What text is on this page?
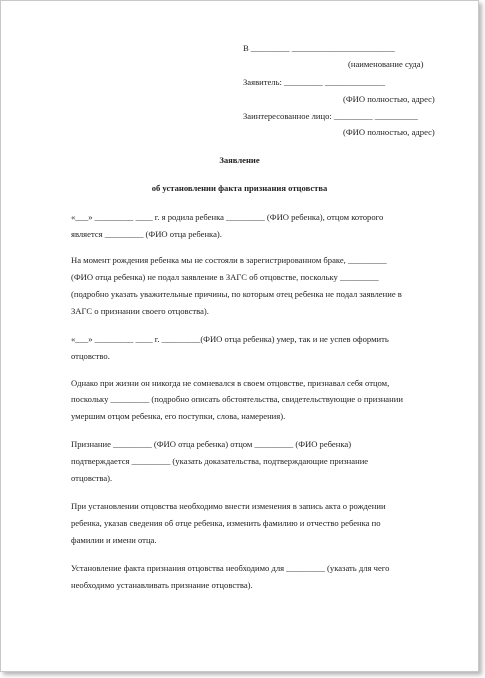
В _________ ________________________
(наименование суда)
Заявитель: _________ ______________
(ФИО полностью, адрес)
Заинтересованное лицо: _________ __________
(ФИО полностью, адрес)
Заявление
об установлении факта признания отцовства
«___» _________ ____ г. я родила ребенка _________ (ФИО ребенка), отцом которого
является _________ (ФИО отца ребенка).
На момент рождения ребенка мы не состояли в зарегистрированном браке, _________
(ФИО отца ребенка) не подал заявление в ЗАГС об отцовстве, поскольку _________
(подробно указать уважительные причины, по которым отец ребенка не подал заявление в
ЗАГС о признании своего отцовства).
«___» _________ ____ г. _________(ФИО отца ребенка) умер, так и не успев оформить
отцовство.
Однако при жизни он никогда не сомневался в своем отцовстве, признавал себя отцом,
поскольку _________ (подробно описать обстоятельства, свидетельствующие о признании
умершим отцом ребенка, его поступки, слова, намерения).
Признание _________ (ФИО отца ребенка) отцом _________ (ФИО ребенка)
подтверждается _________ (указать доказательства, подтверждающие признание
отцовства).
При установлении отцовства необходимо внести изменения в запись акта о рождении
ребенка, указав сведения об отце ребенка, изменить фамилию и отчество ребенка по
фамилии и имени отца.
Установление факта признания отцовства необходимо для _________ (указать для чего
необходимо устанавливать признание отцовства).
